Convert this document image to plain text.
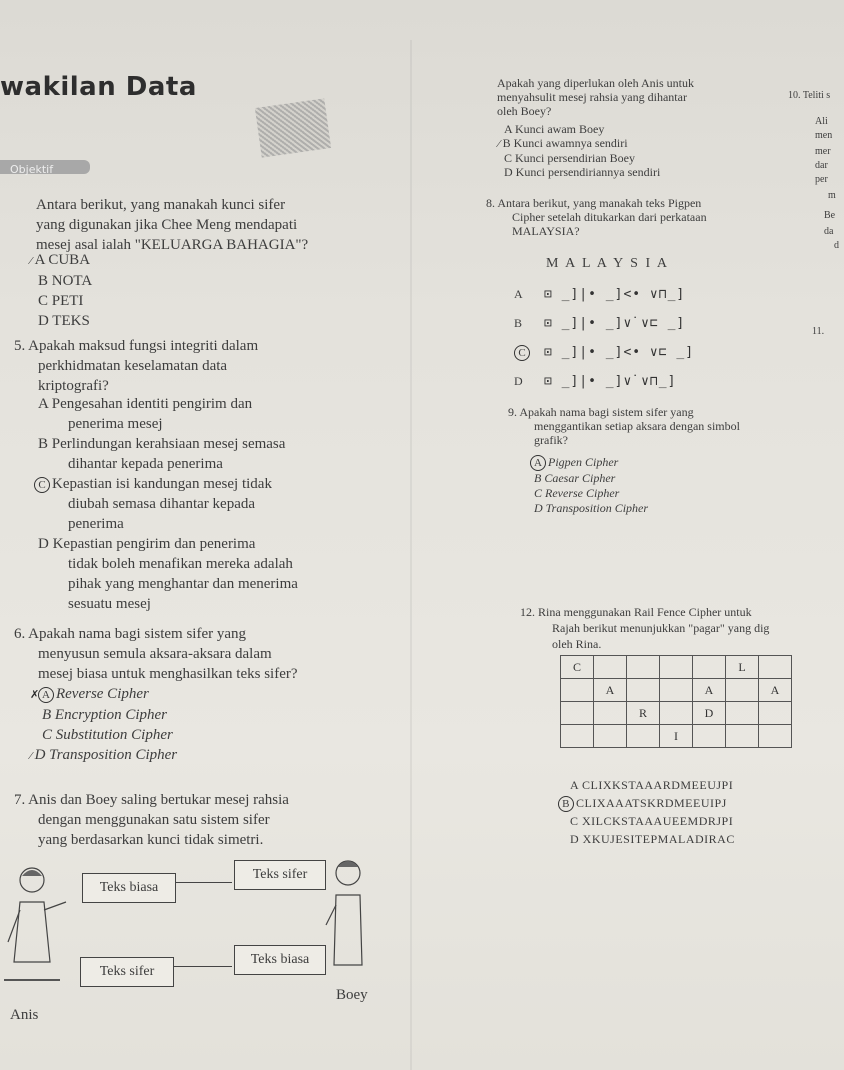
wakilan Data
Objektif
Antara berikut, yang manakah kunci sifer
yang digunakan jika Chee Meng mendapati
mesej asal ialah "KELUARGA BAHAGIA"?
⁄ A CUBA
B NOTA
C PETI
D TEKS
5. Apakah maksud fungsi integriti dalam
perkhidmatan keselamatan data
kriptografi?
A Pengesahan identiti pengirim dan
penerima mesej
B Perlindungan kerahsiaan mesej semasa
dihantar kepada penerima
C Kepastian isi kandungan mesej tidak
diubah semasa dihantar kepada
penerima
D Kepastian pengirim dan penerima
tidak boleh menafikan mereka adalah
pihak yang menghantar dan menerima
sesuatu mesej
6. Apakah nama bagi sistem sifer yang
menyusun semula aksara-aksara dalam
mesej biasa untuk menghasilkan teks sifer?
✗ A Reverse Cipher
B Encryption Cipher
C Substitution Cipher
⁄ D Transposition Cipher
7. Anis dan Boey saling bertukar mesej rahsia
dengan menggunakan satu sistem sifer
yang berdasarkan kunci tidak simetri.
Teks biasa
Teks sifer
Teks sifer
Teks biasa
Anis
Boey
Apakah yang diperlukan oleh Anis untuk
menyahsulit mesej rahsia yang dihantar
oleh Boey?
A Kunci awam Boey
⁄ B Kunci awamnya sendiri
C Kunci persendirian Boey
D Kunci persendiriannya sendiri
8. Antara berikut, yang manakah teks Pigpen
Cipher setelah ditukarkan dari perkataan
MALAYSIA?
M A L A Y S I A
A ⊡ _]|• _]<• ∨⊓_]
B ⊡ _]|• _]∨̇ ∨⊏ _]
C ⊡ _]|• _]<• ∨⊏ _]
D ⊡ _]|• _]∨̇ ∨⊓_]
9. Apakah nama bagi sistem sifer yang
menggantikan setiap aksara dengan simbol
grafik?
A Pigpen Cipher
B Caesar Cipher
C Reverse Cipher
D Transposition Cipher
12. Rina menggunakan Rail Fence Cipher untuk
Rajah berikut menunjukkan "pagar" yang dig
oleh Rina.
C					L	
	A			A		A
		R		D		
			I			
A CLIXKSTAAARDMEEUJPI
B CLIXAAATSKRDMEEUIPJ
C XILCKSTAAAUEEMDRJPI
D XKUJESITEPMALADIRAC
10. Teliti s
Ali
men
mer
dar
per
m
Be
da
d
11.
